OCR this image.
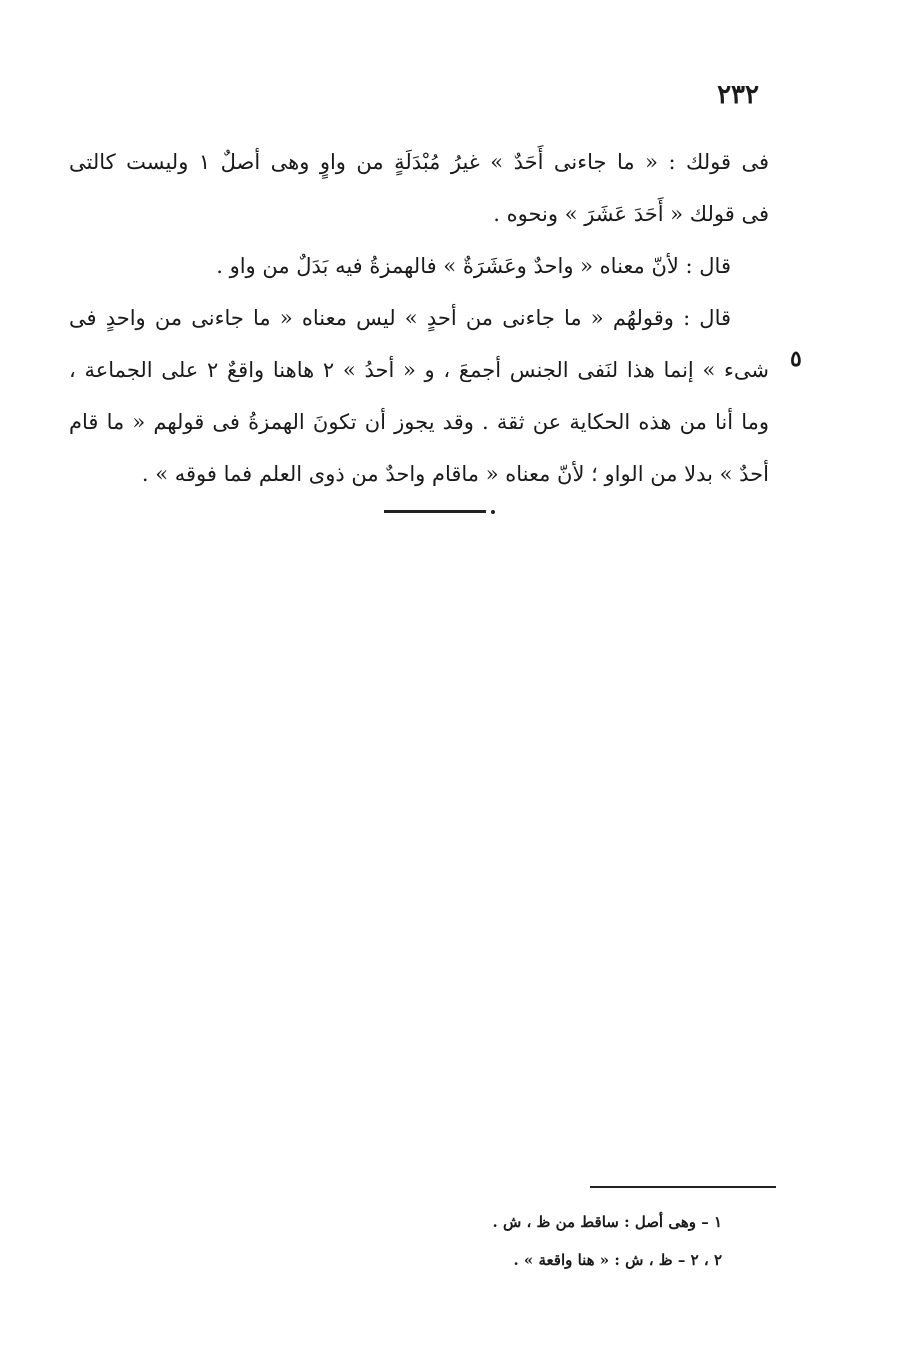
٢٣٢
فى قولك : « ما جاءنى أَحَدٌ » غيرُ مُبْدَلَةٍ من واوٍ وهى أصلٌ ١ وليست كالتى
فى قولك « أَحَدَ عَشَرَ » ونحوه .
قال : لأنّ معناه « واحدٌ وعَشَرَةٌ » فالهمزةُ فيه بَدَلٌ من واو .
قال : وقولهُم « ما جاءنى من أحدٍ » ليس معناه « ما جاءنى من واحدٍ فى
شىء » إنما هذا لنَفى الجنس أجمعَ ، و « أحدُ » ٢ هاهنا واقعٌ ٢ على الجماعة ،
وما أنا من هذه الحكاية عن ثقة . وقد يجوز أن تكونَ الهمزةُ فى قولهم « ما قام
أحدٌ » بدلا من الواو ؛ لأنّ معناه « ماقام واحدٌ من ذوى العلم فما فوقه » .
٥
١ – وهى أصل : ساقط من ظ ، ش .
٢ ، ٢ – ظ ، ش : « هنا واقعة » .
